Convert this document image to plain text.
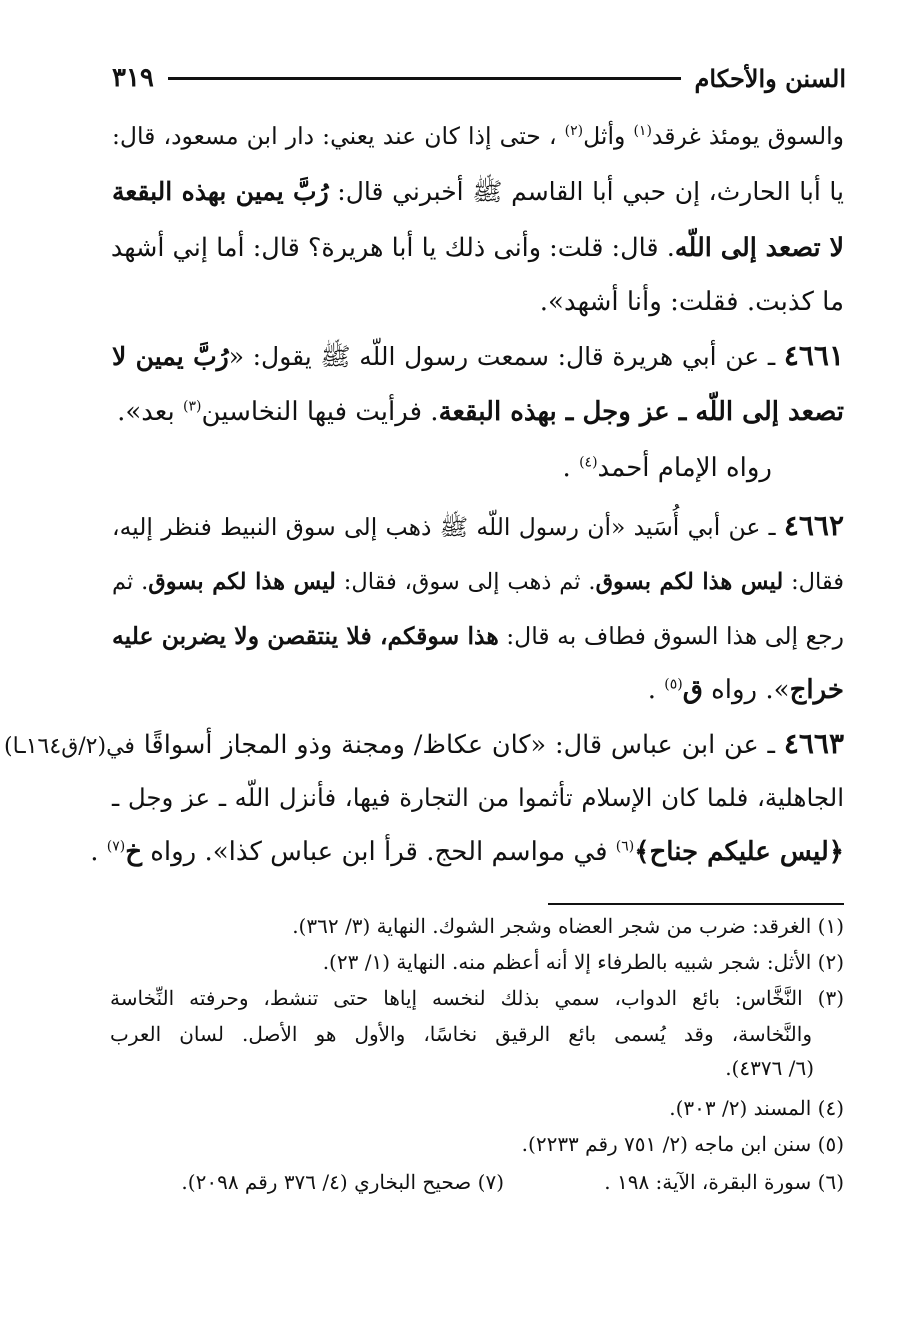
٣١٩	السنن والأحكام
والسوق يومئذ غرقد$^{(١)}$ وأثل$^{(٢)}$ ، حتى إذا كان عند يعني: دار ابن مسعود، قال:
يا أبا الحارث، إن حبي أبا القاسم ﷺ أخبرني قال: رُبَّ يمين بهذه البقعة
لا تصعد إلى اللّه. قال: قلت: وأنى ذلك يا أبا هريرة؟ قال: أما إني أشهد
ما كذبت. فقلت: وأنا أشهد».
٤٦٦١ ـ عن أبي هريرة قال: سمعت رسول اللّه ﷺ يقول: «رُبَّ يمين لا
تصعد إلى اللّه ـ عز وجل ـ بهذه البقعة. فرأيت فيها النخاسين$^{(٣)}$ بعد».
رواه الإمام أحمد$^{(٤)}$ .
٤٦٦٢ ـ عن أبي أُسَيد «أن رسول اللّه ﷺ ذهب إلى سوق النبيط فنظر إليه،
فقال: ليس هذا لكم بسوق. ثم ذهب إلى سوق، فقال: ليس هذا لكم بسوق. ثم
رجع إلى هذا السوق فطاف به قال: هذا سوقكم، فلا ينتقصن ولا يضربن عليه
خراج». رواه ق$^{(٥)}$ .
٤٦٦٣ ـ عن ابن عباس قال: «كان عكاظ/ ومجنة وذو المجاز أسواقًا في(٢/ق١٦٤ـا)
الجاهلية، فلما كان الإسلام تأثموا من التجارة فيها، فأنزل اللّه ـ عز وجل ـ
﴿ليس عليكم جناح﴾$^{(٦)}$ في مواسم الحج. قرأ ابن عباس كذا». رواه خ$^{(٧)}$ .
(١) الغرقد: ضرب من شجر العضاه وشجر الشوك. النهاية (٣/ ٣٦٢).
(٢) الأثل: شجر شبيه بالطرفاء إلا أنه أعظم منه. النهاية (١/ ٢٣).
(٣) النَّخَّاس: بائع الدواب، سمي بذلك لنخسه إياها حتى تنشط، وحرفته النِّخاسة
والنَّخاسة، وقد يُسمى بائع الرقيق نخاسًا، والأول هو الأصل. لسان العرب
(٦/ ٤٣٧٦).
(٤) المسند (٢/ ٣٠٣).
(٥) سنن ابن ماجه (٢/ ٧٥١ رقم ٢٢٣٣).
(٦) سورة البقرة، الآية: ١٩٨ .
(٧) صحيح البخاري (٤/ ٣٧٦ رقم ٢٠٩٨).
